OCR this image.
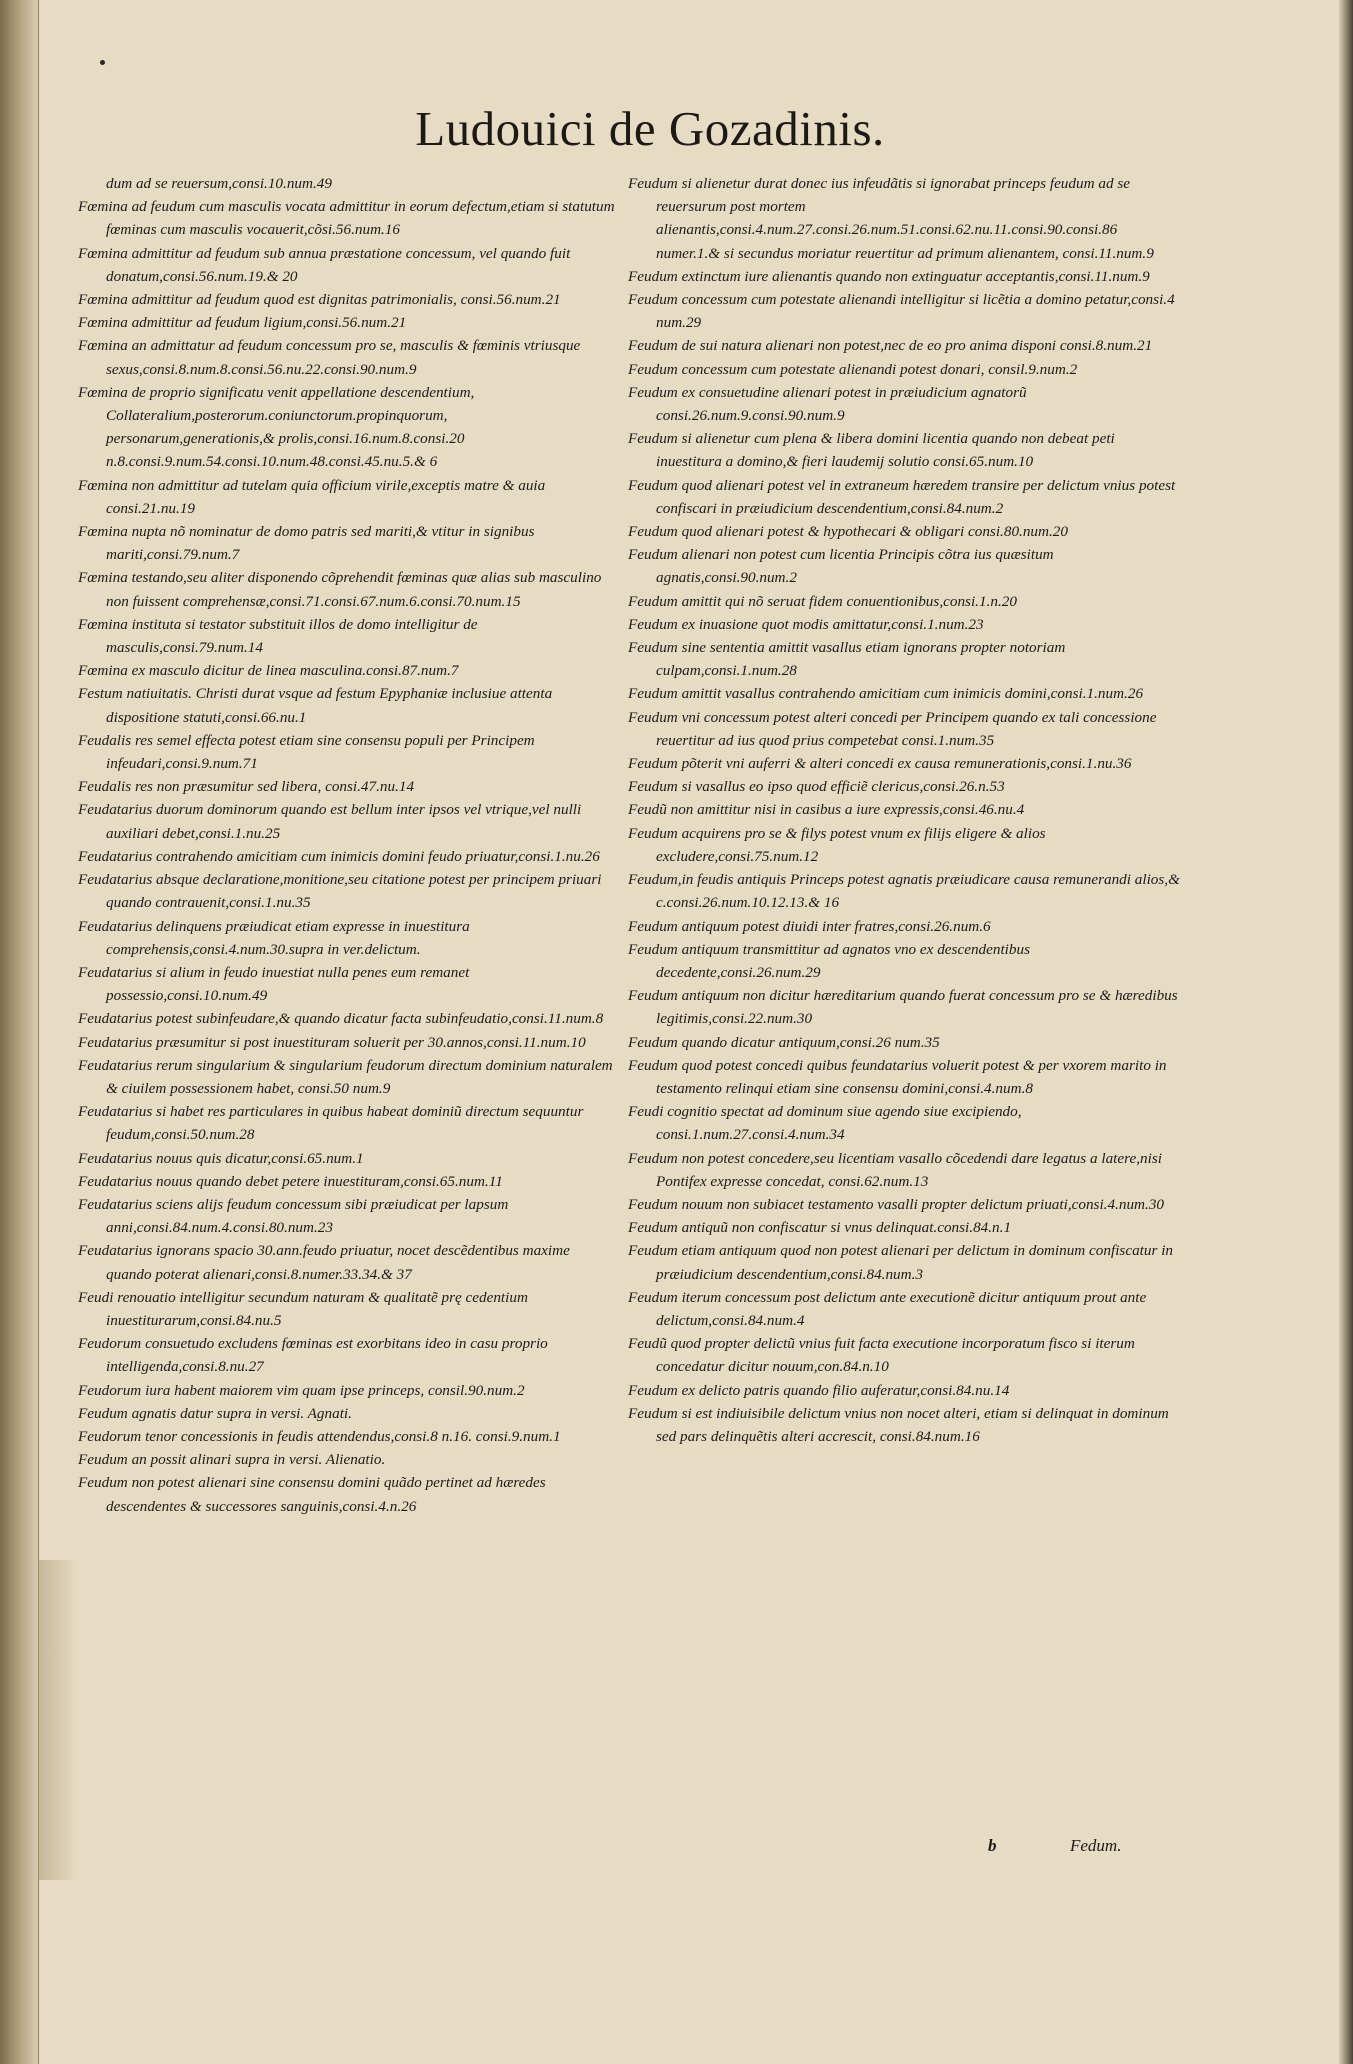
Ludouici de Gozadinis.

dum ad se reuersum,consi.10.num.49

Fœmina ad feudum cum masculis vocata admittitur in eorum defectum,etiam si statutum fœminas cum masculis vocauerit,cõsi.56.num.16

Fœmina admittitur ad feudum sub annua præstatione concessum, vel quando fuit donatum,consi.56.num.19.& 20

Fœmina admittitur ad feudum quod est dignitas patrimonialis, consi.56.num.21

Fœmina admittitur ad feudum ligium,consi.56.num.21

Fœmina an admittatur ad feudum concessum pro se, masculis & fœminis vtriusque sexus,consi.8.num.8.consi.56.nu.22.consi.90.num.9

Fœmina de proprio significatu venit appellatione descendentium, Collateralium,posterorum.coniunctorum.propinquorum, personarum,generationis,& prolis,consi.16.num.8.consi.20 n.8.consi.9.num.54.consi.10.num.48.consi.45.nu.5.& 6

Fœmina non admittitur ad tutelam quia officium virile,exceptis matre & auia consi.21.nu.19

Fœmina nupta nõ nominatur de domo patris sed mariti,& vtitur in signibus mariti,consi.79.num.7

Fœmina testando,seu aliter disponendo cõprehendit fœminas quæ alias sub masculino non fuissent comprehensæ,consi.71.consi.67.num.6.consi.70.num.15

Fœmina instituta si testator substituit illos de domo intelligitur de masculis,consi.79.num.14

Fœmina ex masculo dicitur de linea masculina.consi.87.num.7

Festum natiuitatis. Christi durat vsque ad festum Epyphaniæ inclusiue attenta dispositione statuti,consi.66.nu.1

Feudalis res semel effecta potest etiam sine consensu populi per Principem infeudari,consi.9.num.71

Feudalis res non præsumitur sed libera, consi.47.nu.14

Feudatarius duorum dominorum quando est bellum inter ipsos vel vtrique,vel nulli auxiliari debet,consi.1.nu.25

Feudatarius contrahendo amicitiam cum inimicis domini feudo priuatur,consi.1.nu.26

Feudatarius absque declaratione,monitione,seu citatione potest per principem priuari quando contrauenit,consi.1.nu.35

Feudatarius delinquens præiudicat etiam expresse in inuestitura comprehensis,consi.4.num.30.supra in ver.delictum.

Feudatarius si alium in feudo inuestiat nulla penes eum remanet possessio,consi.10.num.49

Feudatarius potest subinfeudare,& quando dicatur facta subinfeudatio,consi.11.num.8

Feudatarius præsumitur si post inuestituram soluerit per 30.annos,consi.11.num.10

Feudatarius rerum singularium & singularium feudorum directum dominium naturalem & ciuilem possessionem habet, consi.50 num.9

Feudatarius si habet res particulares in quibus habeat dominiũ directum sequuntur feudum,consi.50.num.28

Feudatarius nouus quis dicatur,consi.65.num.1

Feudatarius nouus quando debet petere inuestituram,consi.65.num.11

Feudatarius sciens alijs feudum concessum sibi præiudicat per lapsum anni,consi.84.num.4.consi.80.num.23

Feudatarius ignorans spacio 30.ann.feudo priuatur, nocet descẽdentibus maxime quando poterat alienari,consi.8.numer.33.34.& 37

Feudi renouatio intelligitur secundum naturam & qualitatẽ prę cedentium inuestiturarum,consi.84.nu.5

Feudorum consuetudo excludens fœminas est exorbitans ideo in casu proprio intelligenda,consi.8.nu.27

Feudorum iura habent maiorem vim quam ipse princeps, consil.90.num.2

Feudum agnatis datur supra in versi. Agnati.

Feudorum tenor concessionis in feudis attendendus,consi.8 n.16. consi.9.num.1

Feudum an possit alinari supra in versi. Alienatio.

Feudum non potest alienari sine consensu domini quãdo pertinet ad hæredes descendentes & successores sanguinis,consi.4.n.26

Feudum si alienetur durat donec ius infeudãtis si ignorabat princeps feudum ad se reuersurum post mortem alienantis,consi.4.num.27.consi.26.num.51.consi.62.nu.11.consi.90.consi.86 numer.1.& si secundus moriatur reuertitur ad primum alienantem, consi.11.num.9

Feudum extinctum iure alienantis quando non extinguatur acceptantis,consi.11.num.9

Feudum concessum cum potestate alienandi intelligitur si licẽtia a domino petatur,consi.4 num.29

Feudum de sui natura alienari non potest,nec de eo pro anima disponi consi.8.num.21

Feudum concessum cum potestate alienandi potest donari, consil.9.num.2

Feudum ex consuetudine alienari potest in præiudicium agnatorũ consi.26.num.9.consi.90.num.9

Feudum si alienetur cum plena & libera domini licentia quando non debeat peti inuestitura a domino,& fieri laudemij solutio consi.65.num.10

Feudum quod alienari potest vel in extraneum hæredem transire per delictum vnius potest confiscari in præiudicium descendentium,consi.84.num.2

Feudum quod alienari potest & hypothecari & obligari consi.80.num.20

Feudum alienari non potest cum licentia Principis cõtra ius quæsitum agnatis,consi.90.num.2

Feudum amittit qui nõ seruat fidem conuentionibus,consi.1.n.20

Feudum ex inuasione quot modis amittatur,consi.1.num.23

Feudum sine sententia amittit vasallus etiam ignorans propter notoriam culpam,consi.1.num.28

Feudum amittit vasallus contrahendo amicitiam cum inimicis domini,consi.1.num.26

Feudum vni concessum potest alteri concedi per Principem quando ex tali concessione reuertitur ad ius quod prius competebat consi.1.num.35

Feudum põterit vni auferri & alteri concedi ex causa remunerationis,consi.1.nu.36

Feudum si vasallus eo ipso quod efficiẽ clericus,consi.26.n.53

Feudũ non amittitur nisi in casibus a iure expressis,consi.46.nu.4

Feudum acquirens pro se & filys potest vnum ex filijs eligere & alios excludere,consi.75.num.12

Feudum,in feudis antiquis Princeps potest agnatis præiudicare causa remunerandi alios,& c.consi.26.num.10.12.13.& 16

Feudum antiquum potest diuidi inter fratres,consi.26.num.6

Feudum antiquum transmittitur ad agnatos vno ex descendentibus decedente,consi.26.num.29

Feudum antiquum non dicitur hæreditarium quando fuerat concessum pro se & hæredibus legitimis,consi.22.num.30

Feudum quando dicatur antiquum,consi.26 num.35

Feudum quod potest concedi quibus feundatarius voluerit potest & per vxorem marito in testamento relinqui etiam sine consensu domini,consi.4.num.8

Feudi cognitio spectat ad dominum siue agendo siue excipiendo, consi.1.num.27.consi.4.num.34

Feudum non potest concedere,seu licentiam vasallo cõcedendi dare legatus a latere,nisi Pontifex expresse concedat, consi.62.num.13

Feudum nouum non subiacet testamento vasalli propter delictum priuati,consi.4.num.30

Feudum antiquũ non confiscatur si vnus delinquat.consi.84.n.1

Feudum etiam antiquum quod non potest alienari per delictum in dominum confiscatur in præiudicium descendentium,consi.84.num.3

Feudum iterum concessum post delictum ante executionẽ dicitur antiquum prout ante delictum,consi.84.num.4

Feudũ quod propter delictũ vnius fuit facta executione incorporatum fisco si iterum concedatur dicitur nouum,con.84.n.10

Feudum ex delicto patris quando filio auferatur,consi.84.nu.14

Feudum si est indiuisibile delictum vnius non nocet alteri, etiam si delinquat in dominum sed pars delinquẽtis alteri accrescit, consi.84.num.16

b	Fedum.
